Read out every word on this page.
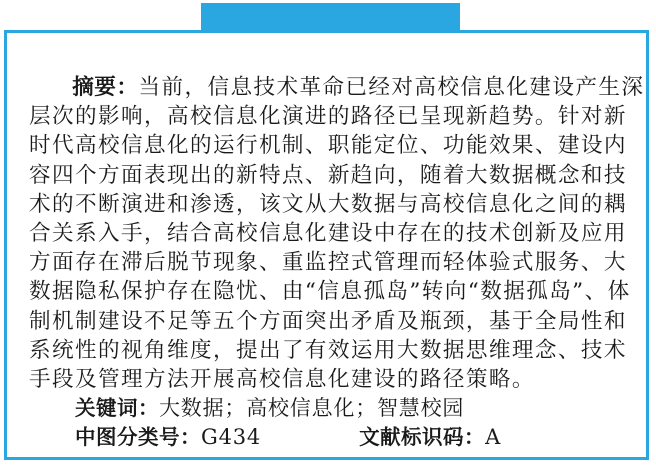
摘要：当前，信息技术革命已经对高校信息化建设产生深层次的影响，高校信息化演进的路径已呈现新趋势。针对新时代高校信息化的运行机制、职能定位、功能效果、建设内容四个方面表现出的新特点、新趋向，随着大数据概念和技术的不断演进和渗透，该文从大数据与高校信息化之间的耦合关系入手，结合高校信息化建设中存在的技术创新及应用方面存在滞后脱节现象、重监控式管理而轻体验式服务、大数据隐私保护存在隐忧、由“信息孤岛”转向“数据孤岛”、体制机制建设不足等五个方面突出矛盾及瓶颈，基于全局性和系统性的视角维度，提出了有效运用大数据思维理念、技术手段及管理方法开展高校信息化建设的路径策略。

关键词：大数据；高校信息化；智慧校园
中图分类号： G434	文献标识码： A
